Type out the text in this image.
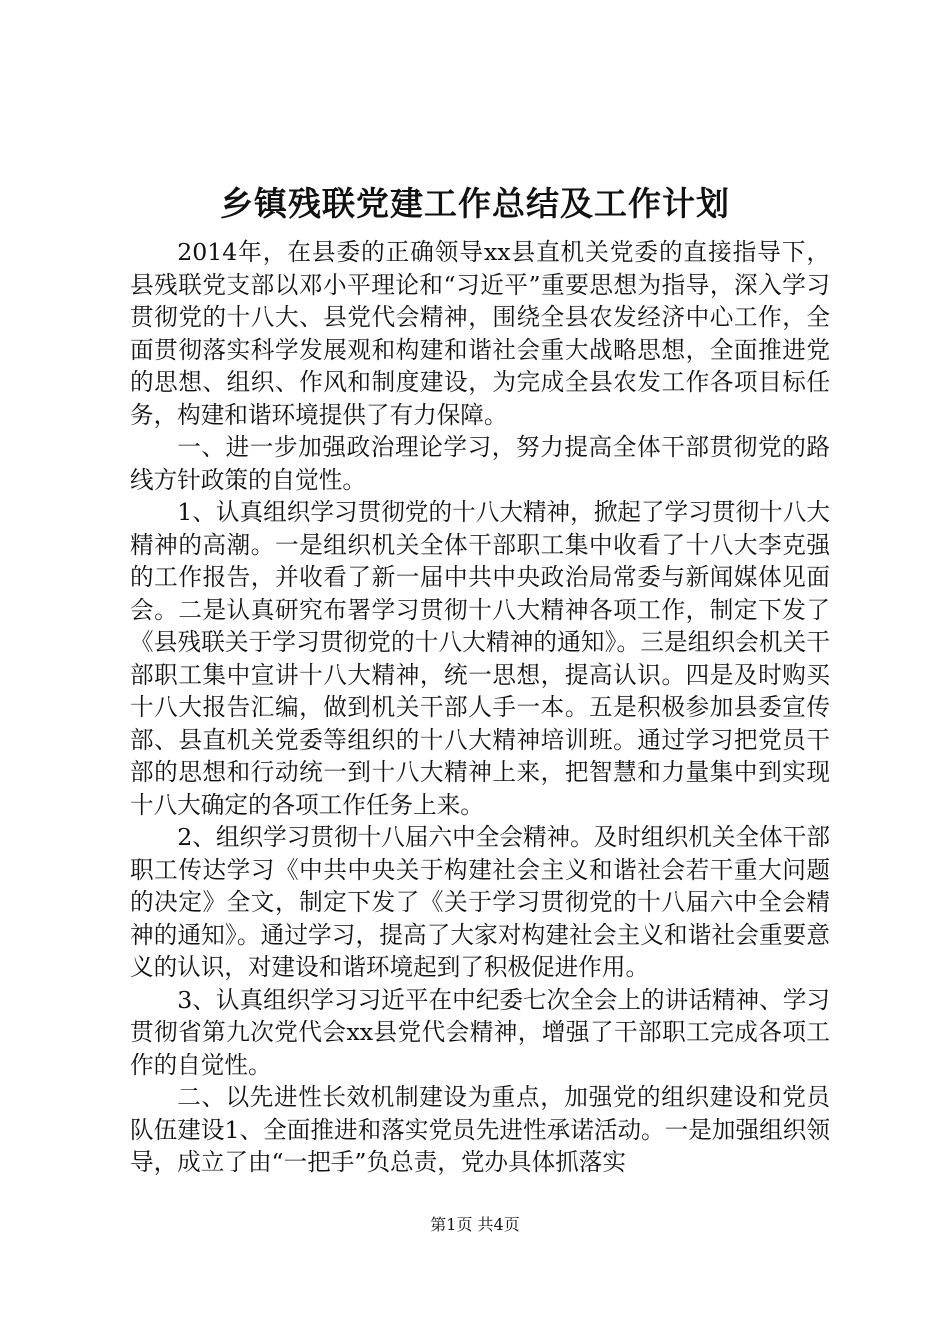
乡镇残联党建工作总结及工作计划

2014年，在县委的正确领导xx县直机关党委的直接指导下，县残联党支部以邓小平理论和“习近平”重要思想为指导，深入学习贯彻党的十八大、县党代会精神，围绕全县农发经济中心工作，全面贯彻落实科学发展观和构建和谐社会重大战略思想，全面推进党的思想、组织、作风和制度建设，为完成全县农发工作各项目标任务，构建和谐环境提供了有力保障。

一、进一步加强政治理论学习，努力提高全体干部贯彻党的路线方针政策的自觉性。

1、认真组织学习贯彻党的十八大精神，掀起了学习贯彻十八大精神的高潮。一是组织机关全体干部职工集中收看了十八大李克强的工作报告，并收看了新一届中共中央政治局常委与新闻媒体见面会。二是认真研究布署学习贯彻十八大精神各项工作，制定下发了《县残联关于学习贯彻党的十八大精神的通知》。三是组织会机关干部职工集中宣讲十八大精神，统一思想，提高认识。四是及时购买十八大报告汇编，做到机关干部人手一本。五是积极参加县委宣传部、县直机关党委等组织的十八大精神培训班。通过学习把党员干部的思想和行动统一到十八大精神上来，把智慧和力量集中到实现十八大确定的各项工作任务上来。

2、组织学习贯彻十八届六中全会精神。及时组织机关全体干部职工传达学习《中共中央关于构建社会主义和谐社会若干重大问题的决定》全文，制定下发了《关于学习贯彻党的十八届六中全会精神的通知》。通过学习，提高了大家对构建社会主义和谐社会重要意义的认识，对建设和谐环境起到了积极促进作用。

3、认真组织学习习近平在中纪委七次全会上的讲话精神、学习贯彻省第九次党代会xx县党代会精神，增强了干部职工完成各项工作的自觉性。

二、以先进性长效机制建设为重点，加强党的组织建设和党员队伍建设1、全面推进和落实党员先进性承诺活动。一是加强组织领导，成立了由“一把手”负总责，党办具体抓落实

第1页 共4页
